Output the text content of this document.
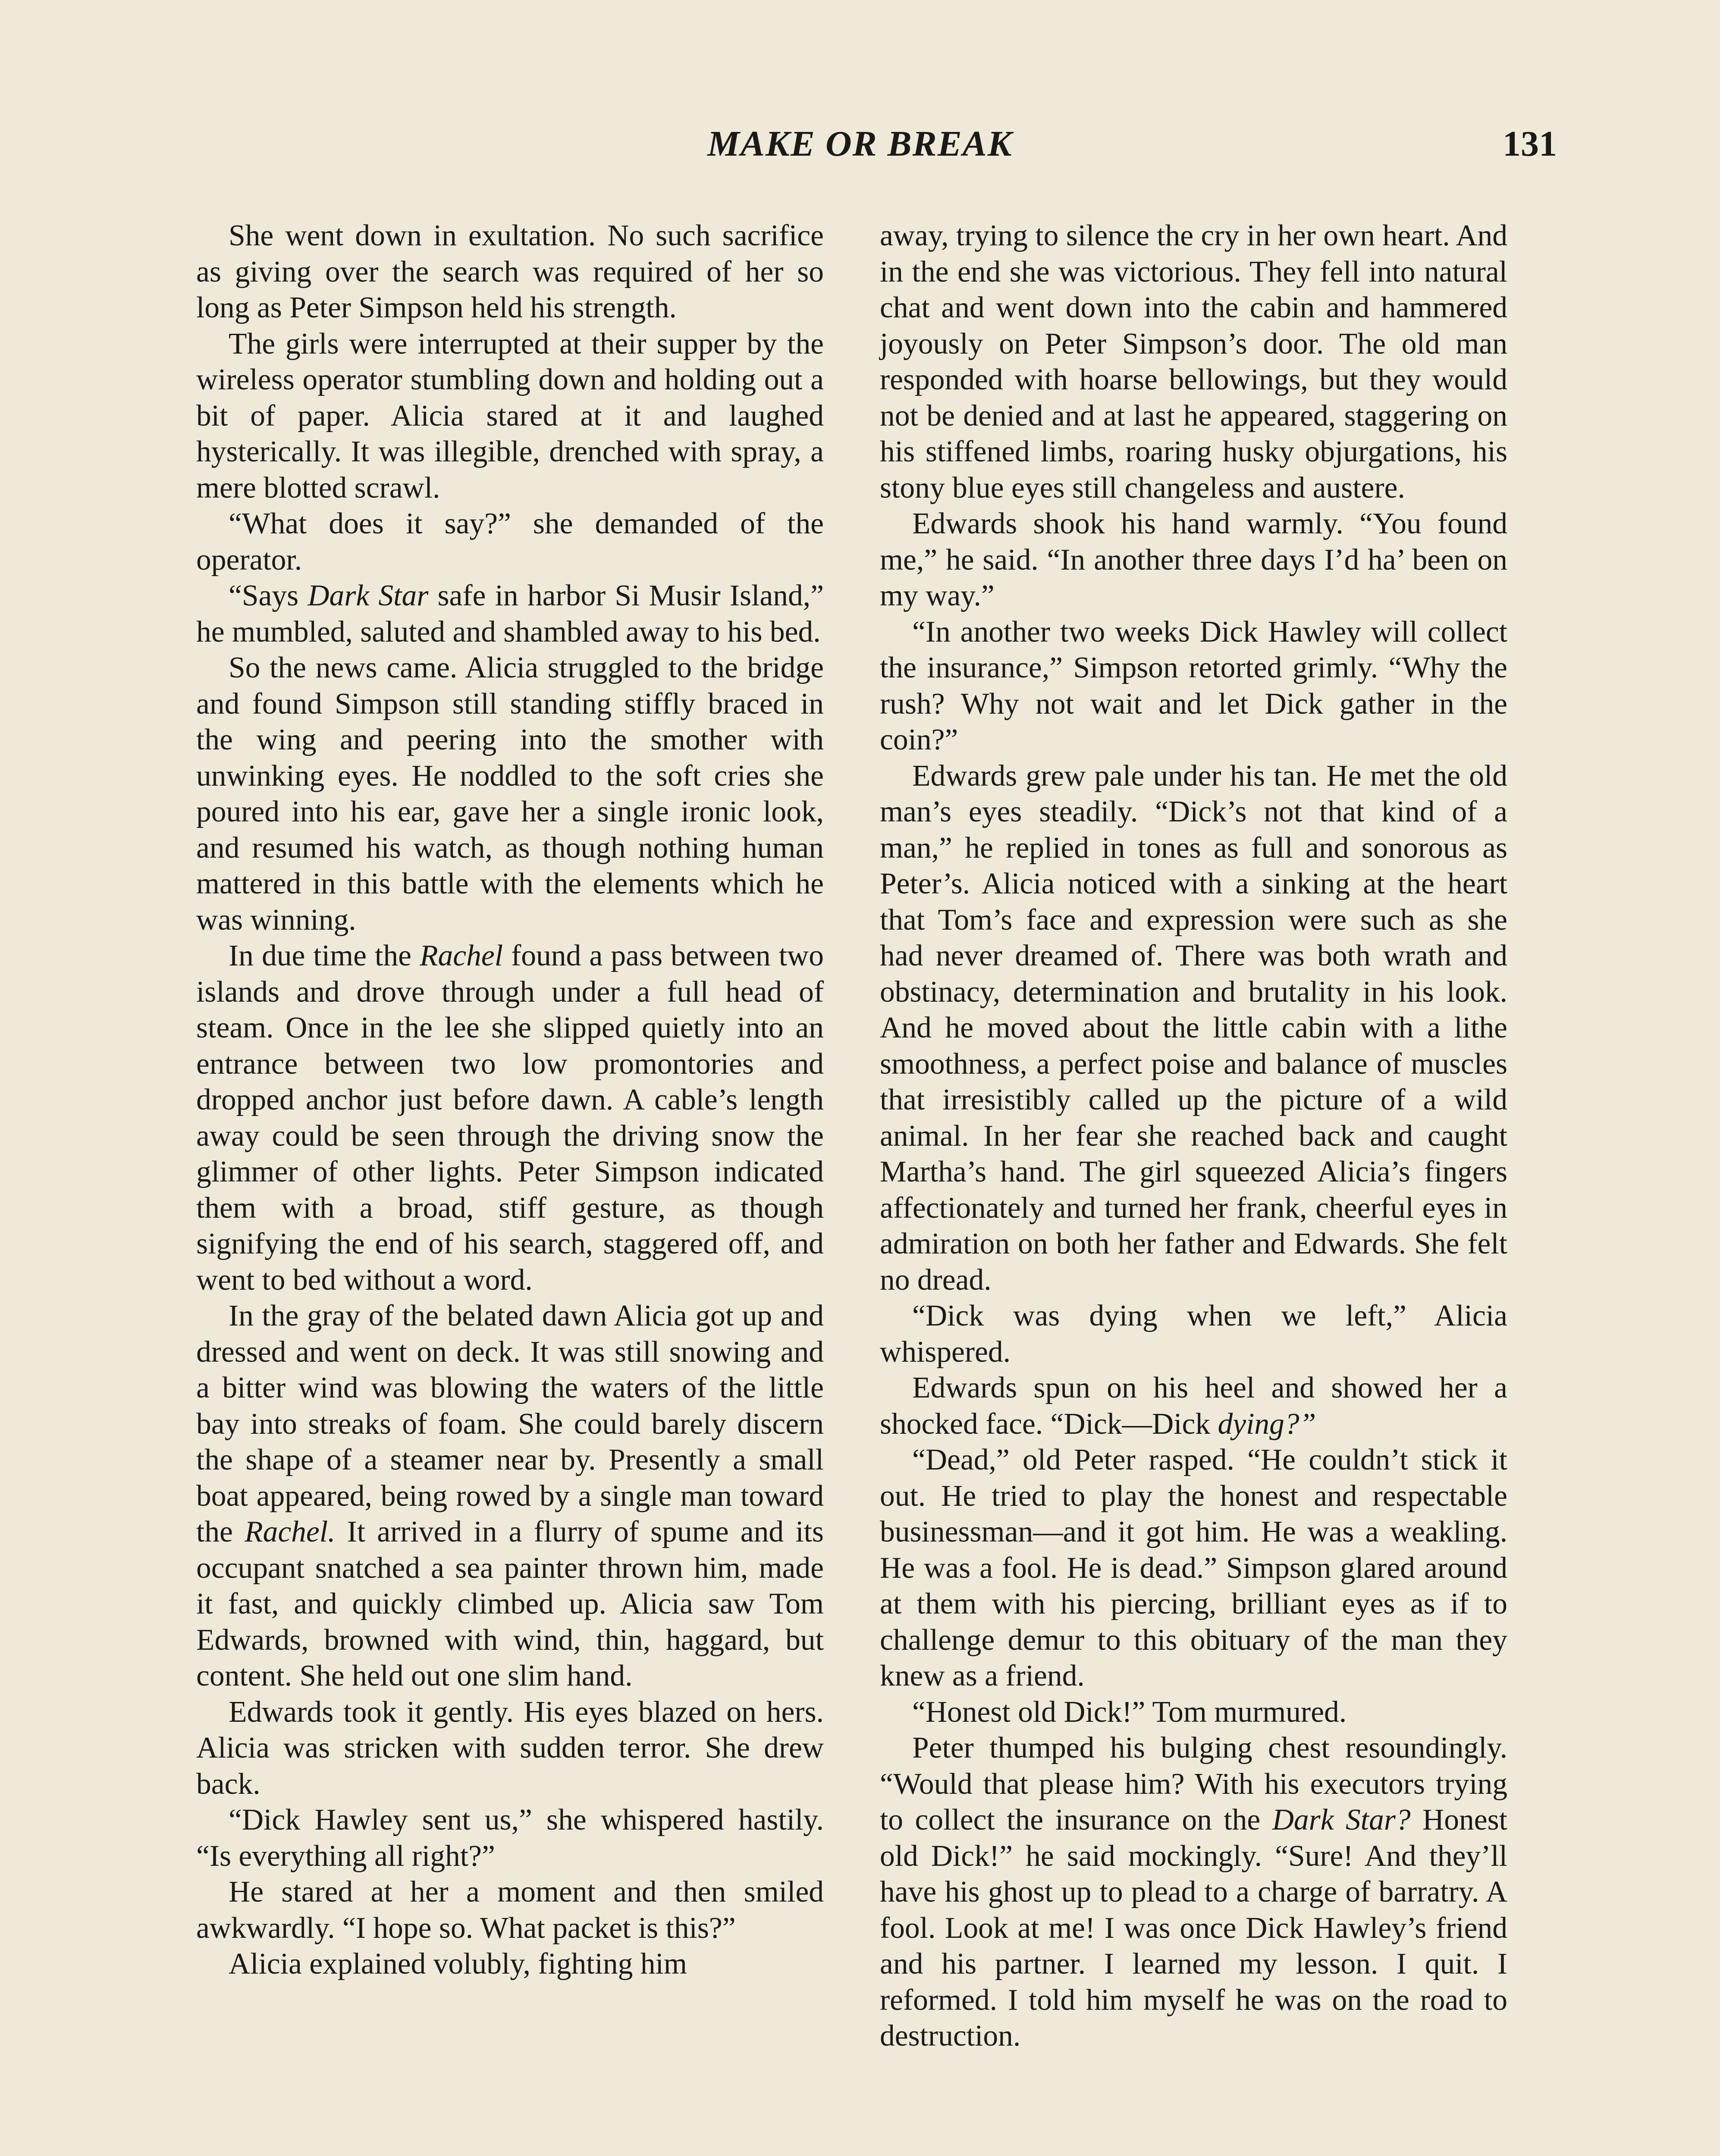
MAKE OR BREAK	131

She went down in exultation. No such sacrifice as giving over the search was required of her so long as Peter Simpson held his strength.

The girls were interrupted at their supper by the wireless operator stumbling down and holding out a bit of paper. Alicia stared at it and laughed hysterically. It was illegible, drenched with spray, a mere blotted scrawl.

“What does it say?” she demanded of the operator.

“Says Dark Star safe in harbor Si Musir Island,” he mumbled, saluted and shambled away to his bed.

So the news came. Alicia struggled to the bridge and found Simpson still standing stiffly braced in the wing and peering into the smother with unwinking eyes. He noddled to the soft cries she poured into his ear, gave her a single ironic look, and resumed his watch, as though nothing human mattered in this battle with the elements which he was winning.

In due time the Rachel found a pass between two islands and drove through under a full head of steam. Once in the lee she slipped quietly into an entrance between two low promontories and dropped anchor just before dawn. A cable’s length away could be seen through the driving snow the glimmer of other lights. Peter Simpson indicated them with a broad, stiff gesture, as though signifying the end of his search, staggered off, and went to bed without a word.

In the gray of the belated dawn Alicia got up and dressed and went on deck. It was still snowing and a bitter wind was blowing the waters of the little bay into streaks of foam. She could barely discern the shape of a steamer near by. Presently a small boat appeared, being rowed by a single man toward the Rachel. It arrived in a flurry of spume and its occupant snatched a sea painter thrown him, made it fast, and quickly climbed up. Alicia saw Tom Edwards, browned with wind, thin, haggard, but content. She held out one slim hand.

Edwards took it gently. His eyes blazed on hers. Alicia was stricken with sudden terror. She drew back.

“Dick Hawley sent us,” she whispered hastily. “Is everything all right?”

He stared at her a moment and then smiled awkwardly. “I hope so. What packet is this?”

Alicia explained volubly, fighting him

away, trying to silence the cry in her own heart. And in the end she was victorious. They fell into natural chat and went down into the cabin and hammered joyously on Peter Simpson’s door. The old man responded with hoarse bellowings, but they would not be denied and at last he appeared, staggering on his stiffened limbs, roaring husky objurgations, his stony blue eyes still changeless and austere.

Edwards shook his hand warmly. “You found me,” he said. “In another three days I’d ha’ been on my way.”

“In another two weeks Dick Hawley will collect the insurance,” Simpson retorted grimly. “Why the rush? Why not wait and let Dick gather in the coin?”

Edwards grew pale under his tan. He met the old man’s eyes steadily. “Dick’s not that kind of a man,” he replied in tones as full and sonorous as Peter’s. Alicia noticed with a sinking at the heart that Tom’s face and expression were such as she had never dreamed of. There was both wrath and obstinacy, determination and brutality in his look. And he moved about the little cabin with a lithe smoothness, a perfect poise and balance of muscles that irresistibly called up the picture of a wild animal. In her fear she reached back and caught Martha’s hand. The girl squeezed Alicia’s fingers affectionately and turned her frank, cheerful eyes in admiration on both her father and Edwards. She felt no dread.

“Dick was dying when we left,” Alicia whispered.

Edwards spun on his heel and showed her a shocked face. “Dick—Dick dying?”

“Dead,” old Peter rasped. “He couldn’t stick it out. He tried to play the honest and respectable businessman—and it got him. He was a weakling. He was a fool. He is dead.” Simpson glared around at them with his piercing, brilliant eyes as if to challenge demur to this obituary of the man they knew as a friend.

“Honest old Dick!” Tom murmured.

Peter thumped his bulging chest resoundingly. “Would that please him? With his executors trying to collect the insurance on the Dark Star? Honest old Dick!” he said mockingly. “Sure! And they’ll have his ghost up to plead to a charge of barratry. A fool. Look at me! I was once Dick Hawley’s friend and his partner. I learned my lesson. I quit. I reformed. I told him myself he was on the road to destruction.
